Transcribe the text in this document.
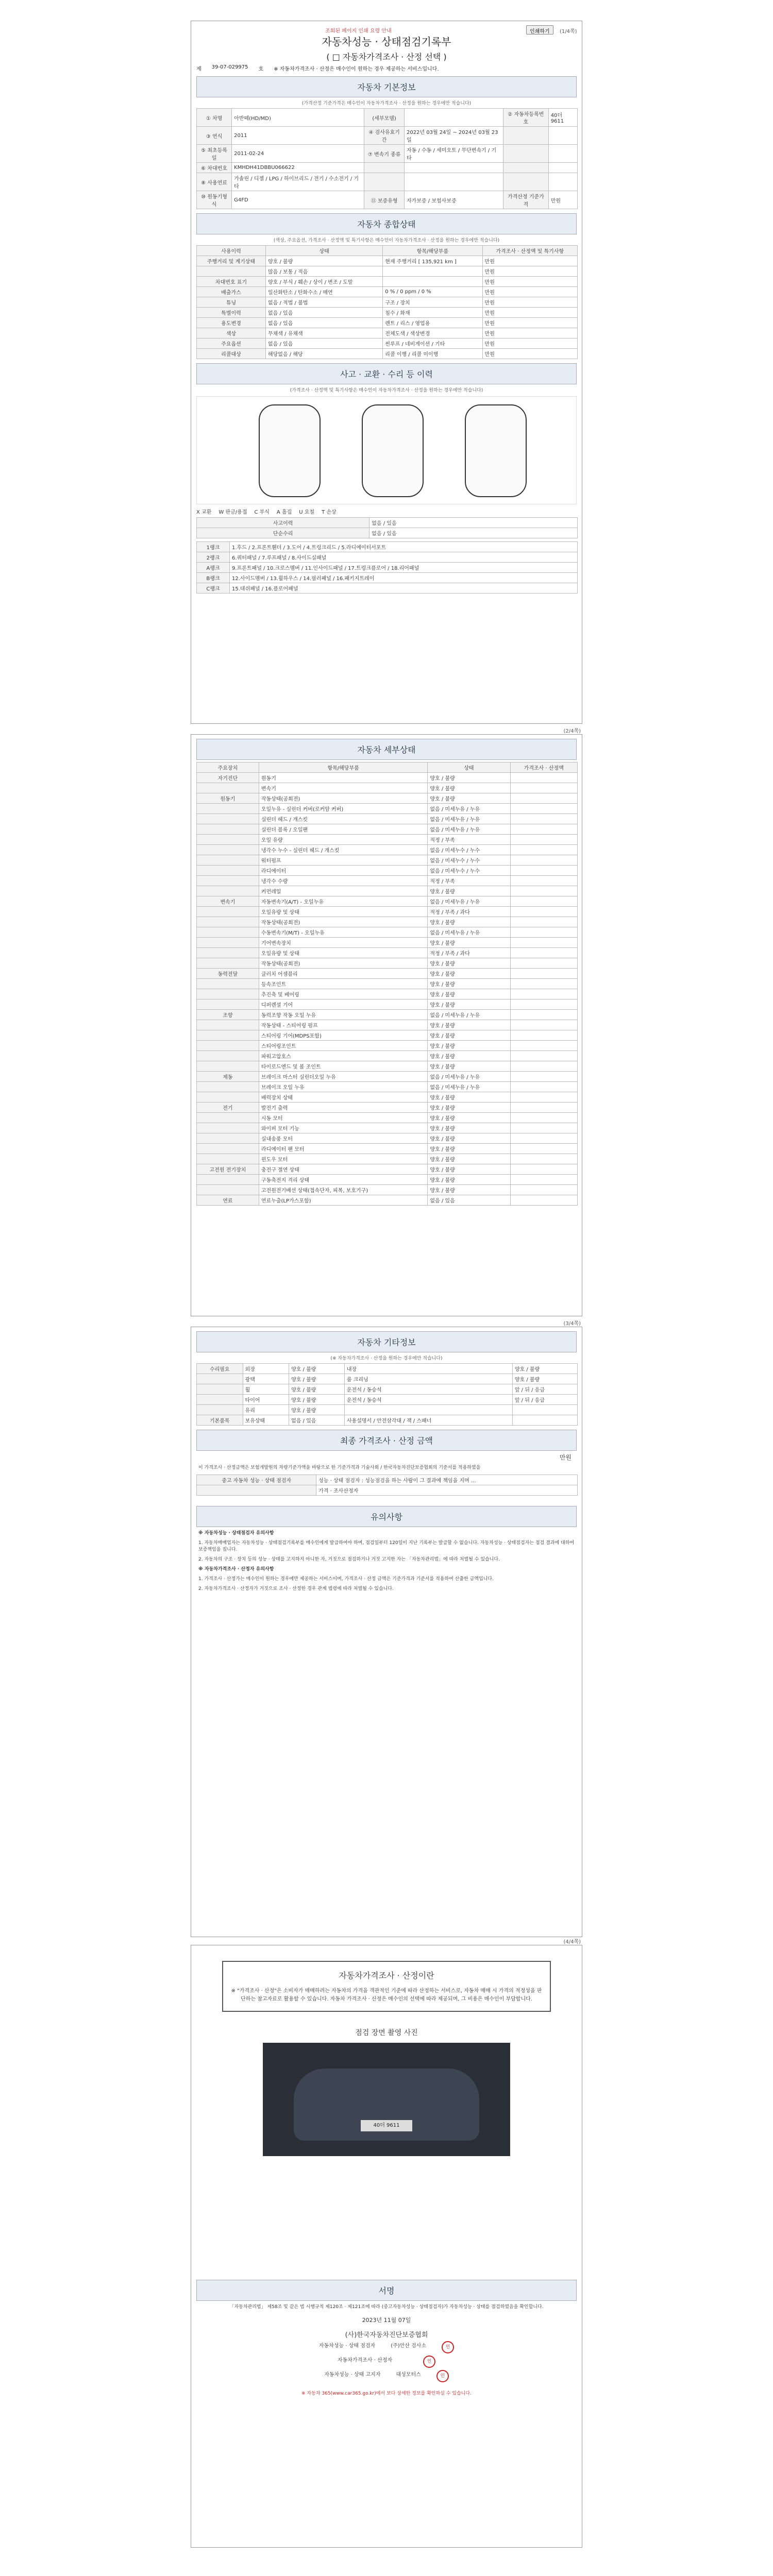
조회된 페이지 인쇄 요령 안내	인쇄하기	(1/4쪽)
자동차성능 · 상태점검기록부
( □ 자동차가격조사 · 산정 선택 )
제 39-07-029975 호 ※ 자동차가격조사 · 산정은 매수인이 원하는 경우 제공하는 서비스입니다.
자동차 기본정보
(가격산정 기준가격은 매수인이 자동차가격조사 · 산정을 원하는 경우에만 적습니다)
① 차명	아반떼(HD/MD)	(세부모델)		② 자동차등록번호	40더9611
③ 연식	2011	④ 검사유효기간	2022년 03월 24일 ~ 2024년 03월 23일		
⑤ 최초등록일	2011-02-24	⑦ 변속기 종류	자동 / 수동 / 세미오토 / 무단변속기 / 기타		
⑥ 차대번호	KMHDH41DBBU066622				
⑧ 사용연료	가솔린 / 디젤 / LPG / 하이브리드 / 전기 / 수소전기 / 기타				
⑩ 원동기형식	G4FD	⑪ 보증유형	자가보증 / 보험사보증	가격산정 기준가격	만원
자동차 종합상태
(색상, 주요옵션, 가격조사 · 산정액 및 특기사항은 매수인이 자동차가격조사 · 산정을 원하는 경우에만 적습니다)
사용이력	상태	항목/해당부품	가격조사 · 산정액 및 특기사항
주행거리 및 계기상태	양호 / 불량	현재 주행거리 [ 135,921 km ]	만원
	많음 / 보통 / 적음		만원
차대번호 표기	양호 / 부식 / 훼손 / 상이 / 변조 / 도말		만원
배출가스	일산화탄소 / 탄화수소 / 매연	0 % / 0 ppm / 0 %	만원
튜닝	없음 / 적법 / 불법	구조 / 장치	만원
특별이력	없음 / 있음	침수 / 화재	만원
용도변경	없음 / 있음	렌트 / 리스 / 영업용	만원
색상	무채색 / 유채색	전체도색 / 색상변경	만원
주요옵션	없음 / 있음	썬루프 / 네비게이션 / 기타	만원
리콜대상	해당없음 / 해당	리콜 이행 / 리콜 미이행	만원
사고 · 교환 · 수리 등 이력
(가격조사 · 산정액 및 특기사항은 매수인이 자동차가격조사 · 산정을 원하는 경우에만 적습니다)
X 교환 W 판금/용접 C 부식 A 흠집 U 요철 T 손상
사고이력	없음 / 있음
단순수리	없음 / 있음
1랭크	1.후드 / 2.프론트휀더 / 3.도어 / 4.트렁크리드 / 5.라디에이터서포트
2랭크	6.쿼터패널 / 7.루프패널 / 8.사이드실패널
A랭크	9.프론트패널 / 10.크로스멤버 / 11.인사이드패널 / 17.트렁크플로어 / 18.리어패널
B랭크	12.사이드멤버 / 13.휠하우스 / 14.필러패널 / 16.패키지트레이
C랭크	15.대쉬패널 / 16.플로어패널
(2/4쪽)
자동차 세부상태
주요장치	항목/해당부품	상태	가격조사 · 산정액
자기진단	원동기	양호 / 불량	
	변속기	양호 / 불량	
원동기	작동상태(공회전)	양호 / 불량	
	오일누유 - 실린더 커버(로커암 커버)	없음 / 미세누유 / 누유	
	실린더 헤드 / 개스킷	없음 / 미세누유 / 누유	
	실린더 블록 / 오일팬	없음 / 미세누유 / 누유	
	오일 유량	적정 / 부족	
	냉각수 누수 - 실린더 헤드 / 개스킷	없음 / 미세누수 / 누수	
	워터펌프	없음 / 미세누수 / 누수	
	라디에이터	없음 / 미세누수 / 누수	
	냉각수 수량	적정 / 부족	
	커먼레일	양호 / 불량	
변속기	자동변속기(A/T) - 오일누유	없음 / 미세누유 / 누유	
	오일유량 및 상태	적정 / 부족 / 과다	
	작동상태(공회전)	양호 / 불량	
	수동변속기(M/T) - 오일누유	없음 / 미세누유 / 누유	
	기어변속장치	양호 / 불량	
	오일유량 및 상태	적정 / 부족 / 과다	
	작동상태(공회전)	양호 / 불량	
동력전달	클러치 어셈블리	양호 / 불량	
	등속조인트	양호 / 불량	
	추진축 및 베어링	양호 / 불량	
	디퍼렌셜 기어	양호 / 불량	
조향	동력조향 작동 오일 누유	없음 / 미세누유 / 누유	
	작동상태 - 스티어링 펌프	양호 / 불량	
	스티어링 기어(MDPS포함)	양호 / 불량	
	스티어링조인트	양호 / 불량	
	파워고압호스	양호 / 불량	
	타이로드엔드 및 볼 조인트	양호 / 불량	
제동	브레이크 마스터 실린더오일 누유	없음 / 미세누유 / 누유	
	브레이크 오일 누유	없음 / 미세누유 / 누유	
	배력장치 상태	양호 / 불량	
전기	발전기 출력	양호 / 불량	
	시동 모터	양호 / 불량	
	와이퍼 모터 기능	양호 / 불량	
	실내송풍 모터	양호 / 불량	
	라디에이터 팬 모터	양호 / 불량	
	윈도우 모터	양호 / 불량	
고전원 전기장치	충전구 절연 상태	양호 / 불량	
	구동축전지 격리 상태	양호 / 불량	
	고전원전기배선 상태(접속단자, 피복, 보호기구)	양호 / 불량	
연료	연료누출(LP가스포함)	없음 / 있음	
(3/4쪽)
자동차 기타정보
(※ 자동차가격조사 · 산정을 원하는 경우에만 적습니다)
수리필요	외장	양호 / 불량	내장	양호 / 불량
	광택	양호 / 불량	룸 크리닝	양호 / 불량
	휠	양호 / 불량	운전석 / 동승석	앞 / 뒤 / 응급
	타이어	양호 / 불량	운전석 / 동승석	앞 / 뒤 / 응급
	유리	양호 / 불량		
기본품목	보유상태	없음 / 있음	사용설명서 / 안전삼각대 / 잭 / 스패너	
최종 가격조사 · 산정 금액
만원
이 가격조사 · 산정금액은 보험개발원의 차량기준가액을 바탕으로 한 기준가격과 기술사회 / 한국자동차진단보증협회의 기준서를 적용하였음
중고 자동차 성능 · 상태 점검자	성능 · 상태 점검자 : 성능점검을 하는 사람이 그 결과에 책임을 지며 ...
	가격 · 조사산정자
유의사항
※ 자동차성능 · 상태점검자 유의사항
1. 자동차매매업자는 자동차성능 · 상태점검기록부를 매수인에게 발급하여야 하며, 점검일부터 120일이 지난 기록부는 발급할 수 없습니다. 자동차성능 · 상태점검자는 점검 결과에 대하여 보증책임을 집니다.
2. 자동차의 구조 · 장치 등의 성능 · 상태를 고지하지 아니한 자, 거짓으로 점검하거나 거짓 고지한 자는 「자동차관리법」에 따라 처벌될 수 있습니다.
※ 자동차가격조사 · 산정자 유의사항
1. 가격조사 · 산정가는 매수인이 원하는 경우에만 제공하는 서비스이며, 가격조사 · 산정 금액은 기준가격과 기준서를 적용하여 산출한 금액입니다.
2. 자동차가격조사 · 산정자가 거짓으로 조사 · 산정한 경우 관계 법령에 따라 처벌될 수 있습니다.
(4/4쪽)
자동차가격조사 · 산정이란

※ "가격조사 · 산정"은 소비자가 매매하려는 자동차의 가격을 객관적인 기준에 따라 산정하는 서비스로, 자동차 매매 시 가격의 적정성을 판단하는 참고자료로 활용할 수 있습니다. 자동차 가격조사 · 산정은 매수인의 선택에 따라 제공되며, 그 비용은 매수인이 부담합니다.

점검 장면 촬영 사진
40더 9611
서명
「자동차관리법」 제58조 및 같은 법 시행규칙 제120조 · 제121조에 따라 (중고자동차성능 · 상태점검자)가 자동차성능 · 상태를 점검하였음을 확인합니다.
2023년 11월 07일
(사)한국자동차진단보증협회
자동차성능 · 상태 점검자	(주)안산 검사소	인
자동차가격조사 · 산정자	인
자동차성능 · 상태 고지자	대성모터스	인
※ 자동차 365(www.car365.go.kr)에서 보다 상세한 정보를 확인하실 수 있습니다.
